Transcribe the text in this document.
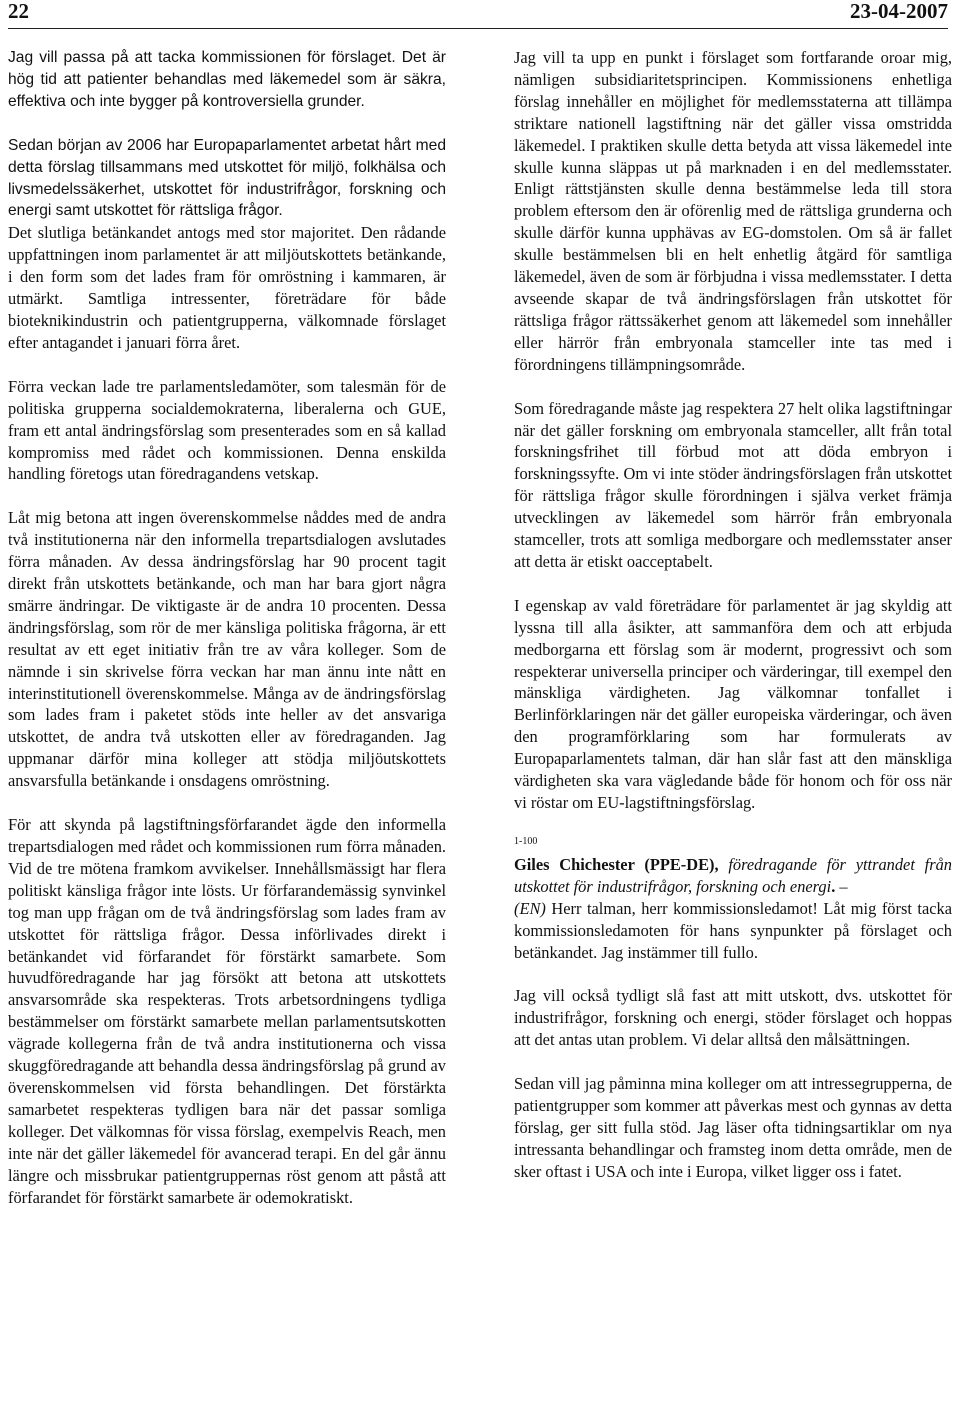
22	23-04-2007

Jag vill passa på att tacka kommissionen för förslaget. Det är hög tid att patienter behandlas med läkemedel som är säkra, effektiva och inte bygger på kontroversiella grunder.

Sedan början av 2006 har Europaparlamentet arbetat hårt med detta förslag tillsammans med utskottet för miljö, folkhälsa och livsmedelssäkerhet, utskottet för industrifrågor, forskning och energi samt utskottet för rättsliga frågor.

Det slutliga betänkandet antogs med stor majoritet. Den rådande uppfattningen inom parlamentet är att miljöutskottets betänkande, i den form som det lades fram för omröstning i kammaren, är utmärkt. Samtliga intressenter, företrädare för både bioteknikindustrin och patientgrupperna, välkomnade förslaget efter antagandet i januari förra året.

Förra veckan lade tre parlamentsledamöter, som talesmän för de politiska grupperna socialdemokraterna, liberalerna och GUE, fram ett antal ändringsförslag som presenterades som en så kallad kompromiss med rådet och kommissionen. Denna enskilda handling företogs utan föredragandens vetskap.

Låt mig betona att ingen överenskommelse nåddes med de andra två institutionerna när den informella trepartsdialogen avslutades förra månaden. Av dessa ändringsförslag har 90 procent tagit direkt från utskottets betänkande, och man har bara gjort några smärre ändringar. De viktigaste är de andra 10 procenten. Dessa ändringsförslag, som rör de mer känsliga politiska frågorna, är ett resultat av ett eget initiativ från tre av våra kolleger. Som de nämnde i sin skrivelse förra veckan har man ännu inte nått en interinstitutionell överenskommelse. Många av de ändringsförslag som lades fram i paketet stöds inte heller av det ansvariga utskottet, de andra två utskotten eller av föredraganden. Jag uppmanar därför mina kolleger att stödja miljöutskottets ansvarsfulla betänkande i onsdagens omröstning.

För att skynda på lagstiftningsförfarandet ägde den informella trepartsdialogen med rådet och kommissionen rum förra månaden. Vid de tre mötena framkom avvikelser. Innehållsmässigt har flera politiskt känsliga frågor inte lösts. Ur förfarandemässig synvinkel tog man upp frågan om de två ändringsförslag som lades fram av utskottet för rättsliga frågor. Dessa införlivades direkt i betänkandet vid förfarandet för förstärkt samarbete. Som huvudföredragande har jag försökt att betona att utskottets ansvarsområde ska respekteras. Trots arbetsordningens tydliga bestämmelser om förstärkt samarbete mellan parlamentsutskotten vägrade kollegerna från de två andra institutionerna och vissa skuggföredragande att behandla dessa ändringsförslag på grund av överenskommelsen vid första behandlingen. Det förstärkta samarbetet respekteras tydligen bara när det passar somliga kolleger. Det välkomnas för vissa förslag, exempelvis Reach, men inte när det gäller läkemedel för avancerad terapi. En del går ännu längre och missbrukar patientgruppernas röst genom att påstå att förfarandet för förstärkt samarbete är odemokratiskt.

Jag vill ta upp en punkt i förslaget som fortfarande oroar mig, nämligen subsidiaritetsprincipen. Kommissionens enhetliga förslag innehåller en möjlighet för medlemsstaterna att tillämpa striktare nationell lagstiftning när det gäller vissa omstridda läkemedel. I praktiken skulle detta betyda att vissa läkemedel inte skulle kunna släppas ut på marknaden i en del medlemsstater. Enligt rättstjänsten skulle denna bestämmelse leda till stora problem eftersom den är oförenlig med de rättsliga grunderna och skulle därför kunna upphävas av EG-domstolen. Om så är fallet skulle bestämmelsen bli en helt enhetlig åtgärd för samtliga läkemedel, även de som är förbjudna i vissa medlemsstater. I detta avseende skapar de två ändringsförslagen från utskottet för rättsliga frågor rättssäkerhet genom att läkemedel som innehåller eller härrör från embryonala stamceller inte tas med i förordningens tillämpningsområde.

Som föredragande måste jag respektera 27 helt olika lagstiftningar när det gäller forskning om embryonala stamceller, allt från total forskningsfrihet till förbud mot att döda embryon i forskningssyfte. Om vi inte stöder ändringsförslagen från utskottet för rättsliga frågor skulle förordningen i själva verket främja utvecklingen av läkemedel som härrör från embryonala stamceller, trots att somliga medborgare och medlemsstater anser att detta är etiskt oacceptabelt.

I egenskap av vald företrädare för parlamentet är jag skyldig att lyssna till alla åsikter, att sammanföra dem och att erbjuda medborgarna ett förslag som är modernt, progressivt och som respekterar universella principer och värderingar, till exempel den mänskliga värdigheten. Jag välkomnar tonfallet i Berlinförklaringen när det gäller europeiska värderingar, och även den programförklaring som har formulerats av Europaparlamentets talman, där han slår fast att den mänskliga värdigheten ska vara vägledande både för honom och för oss när vi röstar om EU-lagstiftningsförslag.

1-100

Giles Chichester (PPE-DE), föredragande för yttrandet från utskottet för industrifrågor, forskning och energi. –
(EN) Herr talman, herr kommissionsledamot! Låt mig först tacka kommissionsledamoten för hans synpunkter på förslaget och betänkandet. Jag instämmer till fullo.

Jag vill också tydligt slå fast att mitt utskott, dvs. utskottet för industrifrågor, forskning och energi, stöder förslaget och hoppas att det antas utan problem. Vi delar alltså den målsättningen.

Sedan vill jag påminna mina kolleger om att intressegrupperna, de patientgrupper som kommer att påverkas mest och gynnas av detta förslag, ger sitt fulla stöd. Jag läser ofta tidningsartiklar om nya intressanta behandlingar och framsteg inom detta område, men de sker oftast i USA och inte i Europa, vilket ligger oss i fatet.
